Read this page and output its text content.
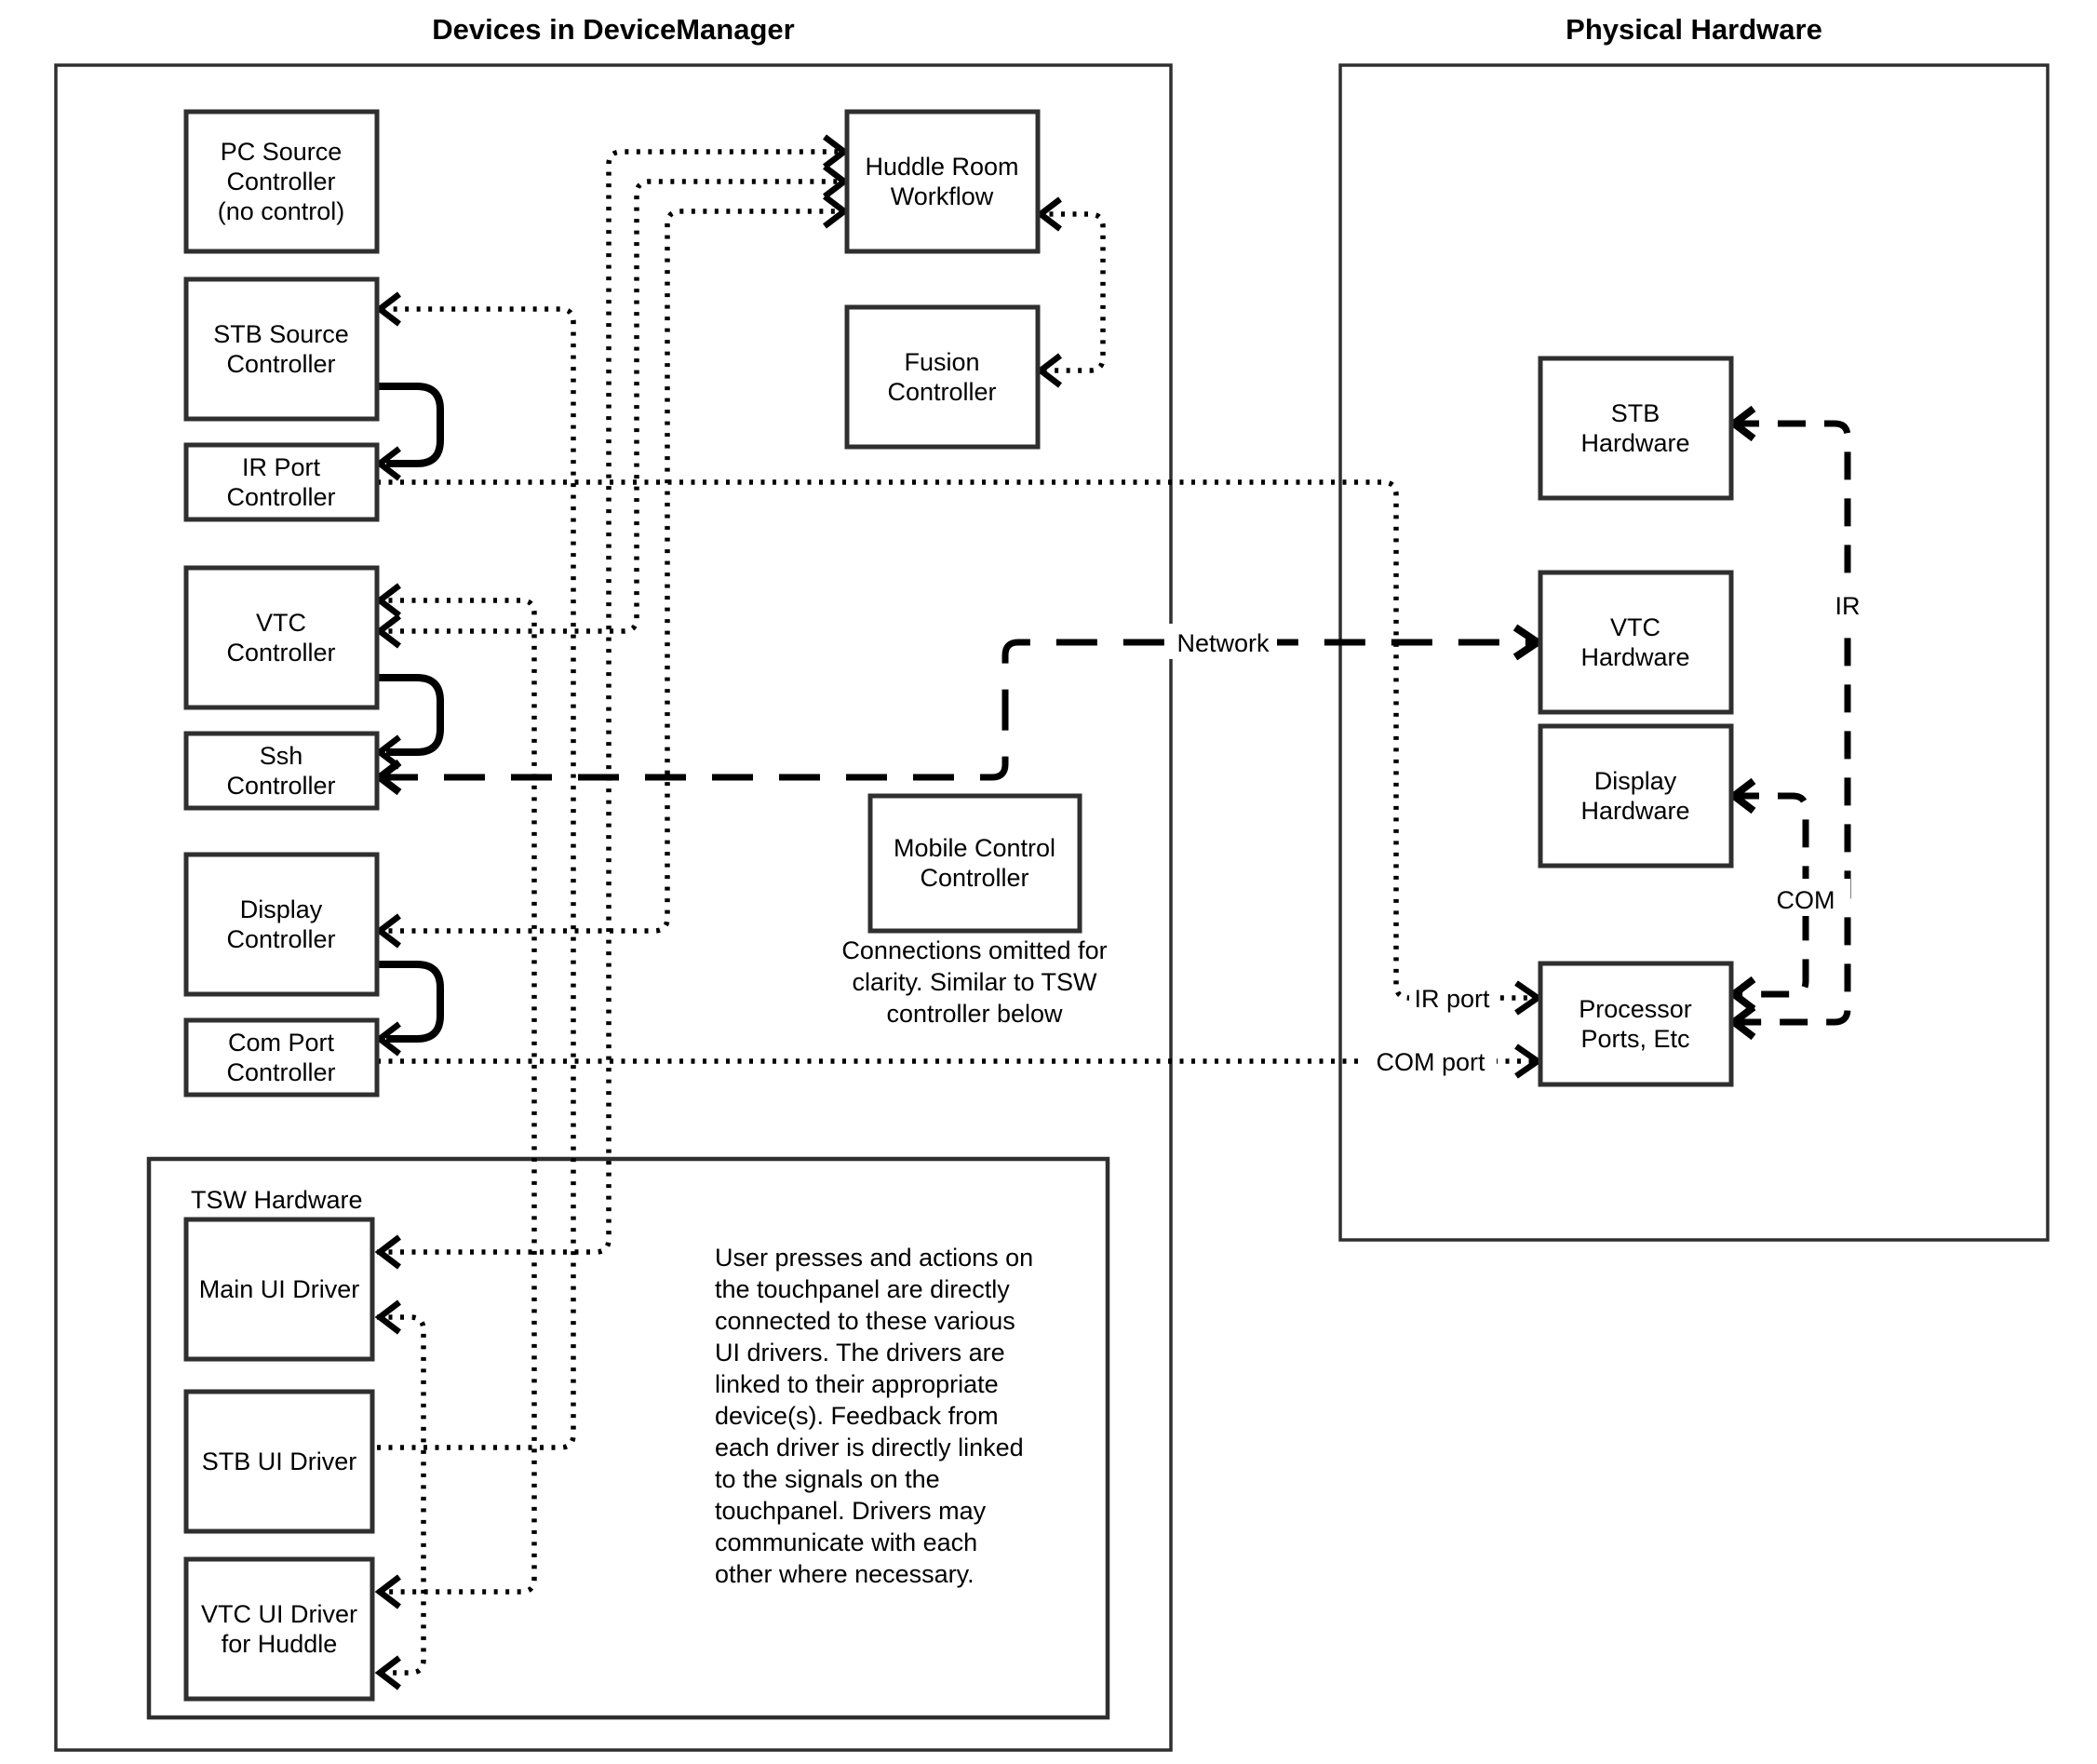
Devices in DeviceManager	Physical Hardware
TSW Hardware
Network
IR
COM
IR port
COM port
PC Source
Controller
(no control)
STB Source
Controller
IR Port
Controller
VTC
Controller
Ssh
Controller
Display
Controller
Com Port
Controller
Huddle Room
Workflow
Fusion
Controller
Mobile Control
Controller
Connections omitted for
clarity. Similar to TSW
controller below
Main UI Driver
STB UI Driver
VTC UI Driver
for Huddle
User presses and actions on
the touchpanel are directly
connected to these various
UI drivers. The drivers are
linked to their appropriate
device(s). Feedback from
each driver is directly linked
to the signals on the
touchpanel. Drivers may
communicate with each
other where necessary.
STB
Hardware
VTC
Hardware
Display
Hardware
Processor
Ports, Etc
